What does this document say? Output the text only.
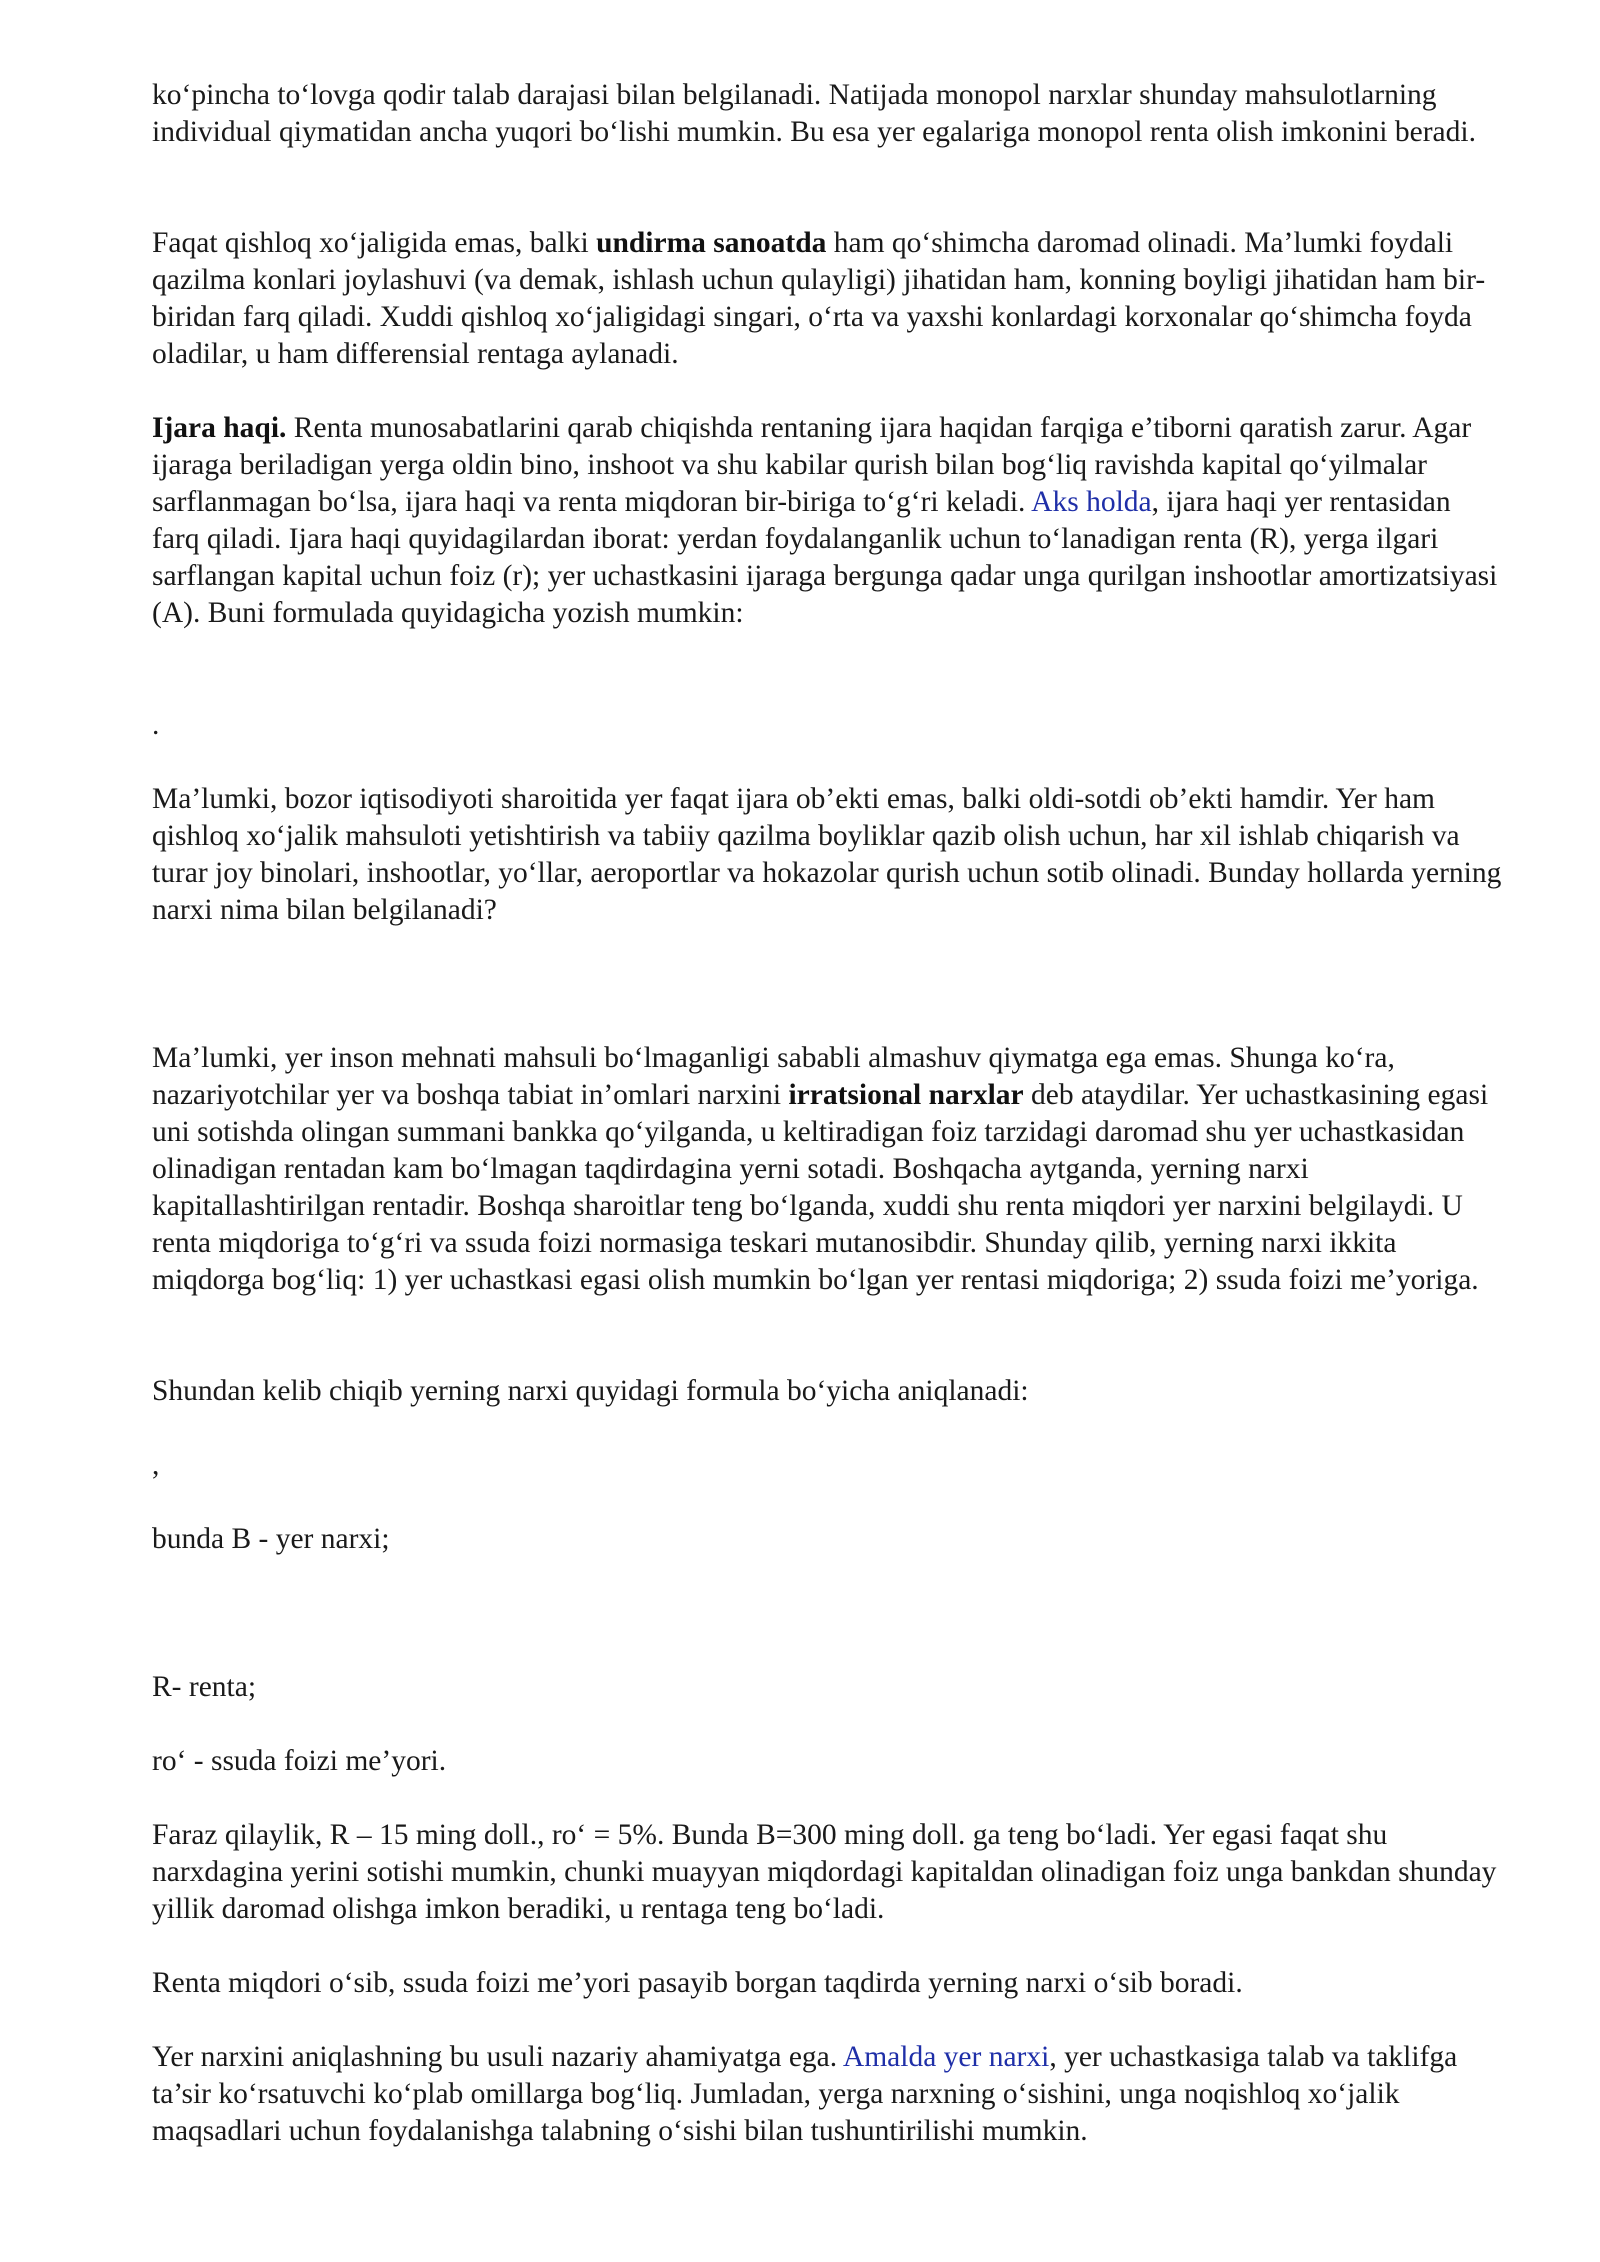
ko‘pincha to‘lovga qodir talab darajasi bilan belgilanadi. Natijada monopol narxlar shunday mahsulotlarning individual qiymatidan ancha yuqori bo‘lishi mumkin. Bu esa yer egalariga monopol renta olish imkonini beradi.

Faqat qishloq xo‘jaligida emas, balki undirma sanoatda ham qo‘shimcha daromad olinadi. Ma’lumki foydali qazilma konlari joylashuvi (va demak, ishlash uchun qulayligi) jihatidan ham, konning boyligi jihatidan ham bir-biridan farq qiladi. Xuddi qishloq xo‘jaligidagi singari, o‘rta va yaxshi konlardagi korxonalar qo‘shimcha foyda oladilar, u ham differensial rentaga aylanadi.

Ijara haqi. Renta munosabatlarini qarab chiqishda rentaning ijara haqidan farqiga e’tiborni qaratish zarur. Agar ijaraga beriladigan yerga oldin bino, inshoot va shu kabilar qurish bilan bog‘liq ravishda kapital qo‘yilmalar sarflanmagan bo‘lsa, ijara haqi va renta miqdoran bir-biriga to‘g‘ri keladi. Aks holda, ijara haqi yer rentasidan farq qiladi. Ijara haqi quyidagilardan iborat: yerdan foydalanganlik uchun to‘lanadigan renta (R), yerga ilgari sarflangan kapital uchun foiz (r); yer uchastkasini ijaraga bergunga qadar unga qurilgan inshootlar amortizatsiyasi (A). Buni formulada quyidagicha yozish mumkin:

.

Ma’lumki, bozor iqtisodiyoti sharoitida yer faqat ijara ob’ekti emas, balki oldi-sotdi ob’ekti hamdir. Yer ham qishloq xo‘jalik mahsuloti yetishtirish va tabiiy qazilma boyliklar qazib olish uchun, har xil ishlab chiqarish va turar joy binolari, inshootlar, yo‘llar, aeroportlar va hokazolar qurish uchun sotib olinadi. Bunday hollarda yerning narxi nima bilan belgilanadi?

Ma’lumki, yer inson mehnati mahsuli bo‘lmaganligi sababli almashuv qiymatga ega emas. Shunga ko‘ra, nazariyotchilar yer va boshqa tabiat in’omlari narxini irratsional narxlar deb ataydilar. Yer uchastkasining egasi uni sotishda olingan summani bankka qo‘yilganda, u keltiradigan foiz tarzidagi daromad shu yer uchastkasidan olinadigan rentadan kam bo‘lmagan taqdirdagina yerni sotadi. Boshqacha aytganda, yerning narxi kapitallashtirilgan rentadir. Boshqa sharoitlar teng bo‘lganda, xuddi shu renta miqdori yer narxini belgilaydi. U renta miqdoriga to‘g‘ri va ssuda foizi normasiga teskari mutanosibdir. Shunday qilib, yerning narxi ikkita miqdorga bog‘liq: 1) yer uchastkasi egasi olish mumkin bo‘lgan yer rentasi miqdoriga; 2) ssuda foizi me’yoriga.

Shundan kelib chiqib yerning narxi quyidagi formula bo‘yicha aniqlanadi:

,

bunda B - yer narxi;

R- renta;

ro‘ - ssuda foizi me’yori.

Faraz qilaylik, R – 15 ming doll., ro‘ = 5%. Bunda B=300 ming doll. ga teng bo‘ladi. Yer egasi faqat shu narxdagina yerini sotishi mumkin, chunki muayyan miqdordagi kapitaldan olinadigan foiz unga bankdan shunday yillik daromad olishga imkon beradiki, u rentaga teng bo‘ladi.

Renta miqdori o‘sib, ssuda foizi me’yori pasayib borgan taqdirda yerning narxi o‘sib boradi.

Yer narxini aniqlashning bu usuli nazariy ahamiyatga ega. Amalda yer narxi, yer uchastkasiga talab va taklifga ta’sir ko‘rsatuvchi ko‘plab omillarga bog‘liq. Jumladan, yerga narxning o‘sishini, unga noqishloq xo‘jalik maqsadlari uchun foydalanishga talabning o‘sishi bilan tushuntirilishi mumkin.
